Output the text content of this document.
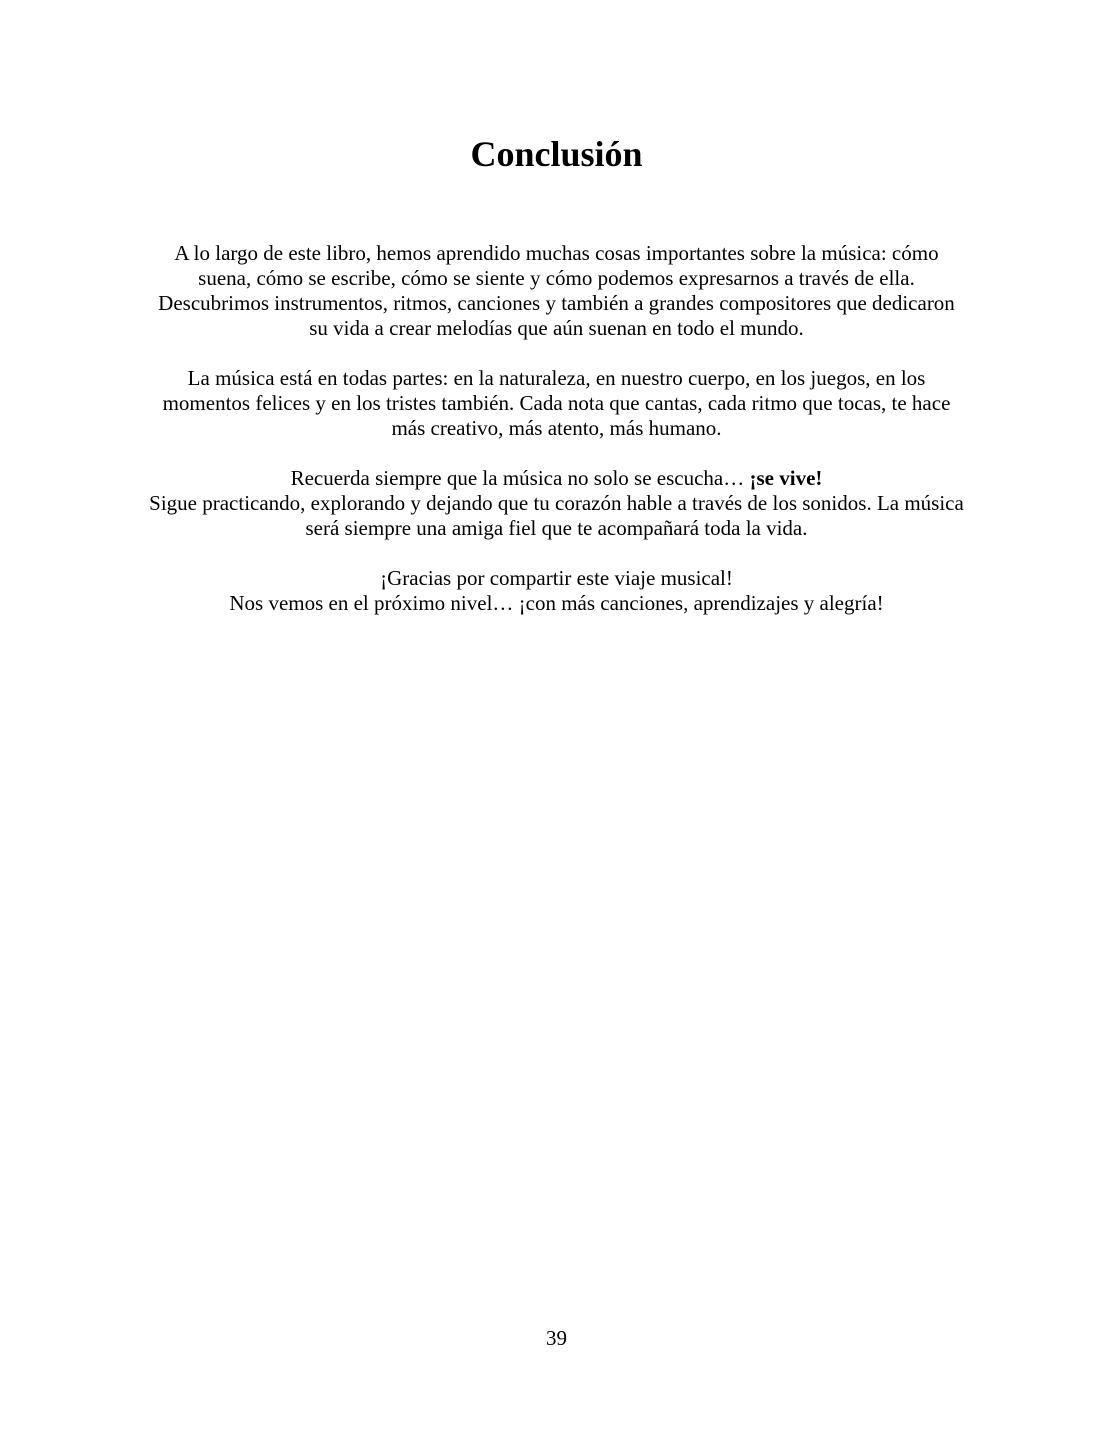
Conclusión
A lo largo de este libro, hemos aprendido muchas cosas importantes sobre la música: cómo
suena, cómo se escribe, cómo se siente y cómo podemos expresarnos a través de ella.
Descubrimos instrumentos, ritmos, canciones y también a grandes compositores que dedicaron
su vida a crear melodías que aún suenan en todo el mundo.
La música está en todas partes: en la naturaleza, en nuestro cuerpo, en los juegos, en los
momentos felices y en los tristes también. Cada nota que cantas, cada ritmo que tocas, te hace
más creativo, más atento, más humano.
Recuerda siempre que la música no solo se escucha… ¡se vive!
Sigue practicando, explorando y dejando que tu corazón hable a través de los sonidos. La música
será siempre una amiga fiel que te acompañará toda la vida.
¡Gracias por compartir este viaje musical!
Nos vemos en el próximo nivel… ¡con más canciones, aprendizajes y alegría!
39
